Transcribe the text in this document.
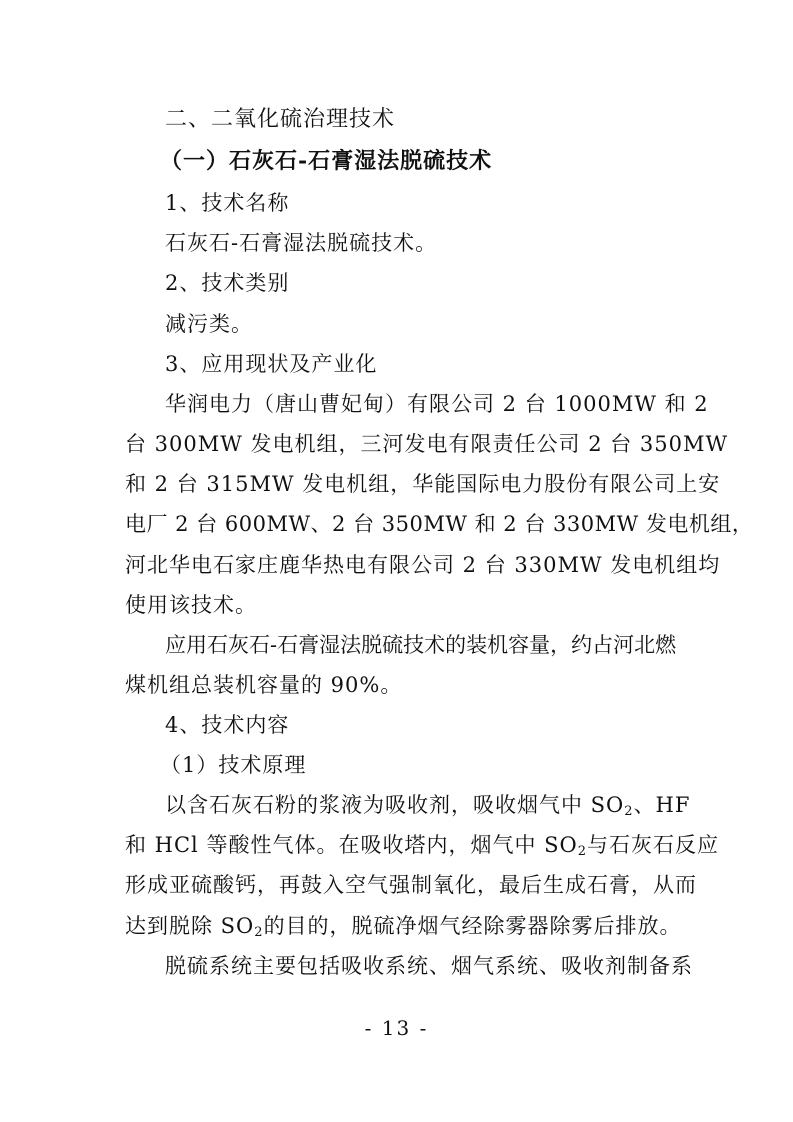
二、二氧化硫治理技术
（一）石灰石-石膏湿法脱硫技术
1、技术名称
石灰石-石膏湿法脱硫技术。
2、技术类别
减污类。
3、应用现状及产业化
华润电力（唐山曹妃甸）有限公司 2 台 1000MW 和 2
台 300MW 发电机组，三河发电有限责任公司 2 台 350MW
和 2 台 315MW 发电机组，华能国际电力股份有限公司上安
电厂 2 台 600MW、2 台 350MW 和 2 台 330MW 发电机组，
河北华电石家庄鹿华热电有限公司 2 台 330MW 发电机组均
使用该技术。
应用石灰石-石膏湿法脱硫技术的装机容量，约占河北燃
煤机组总装机容量的 90%。
4、技术内容
（1）技术原理
以含石灰石粉的浆液为吸收剂，吸收烟气中 $SO_2$、HF
和 HCl 等酸性气体。在吸收塔内，烟气中 $SO_2$与石灰石反应
形成亚硫酸钙，再鼓入空气强制氧化，最后生成石膏，从而
达到脱除 $SO_2$的目的，脱硫净烟气经除雾器除雾后排放。
脱硫系统主要包括吸收系统、烟气系统、吸收剂制备系
- 13 -
